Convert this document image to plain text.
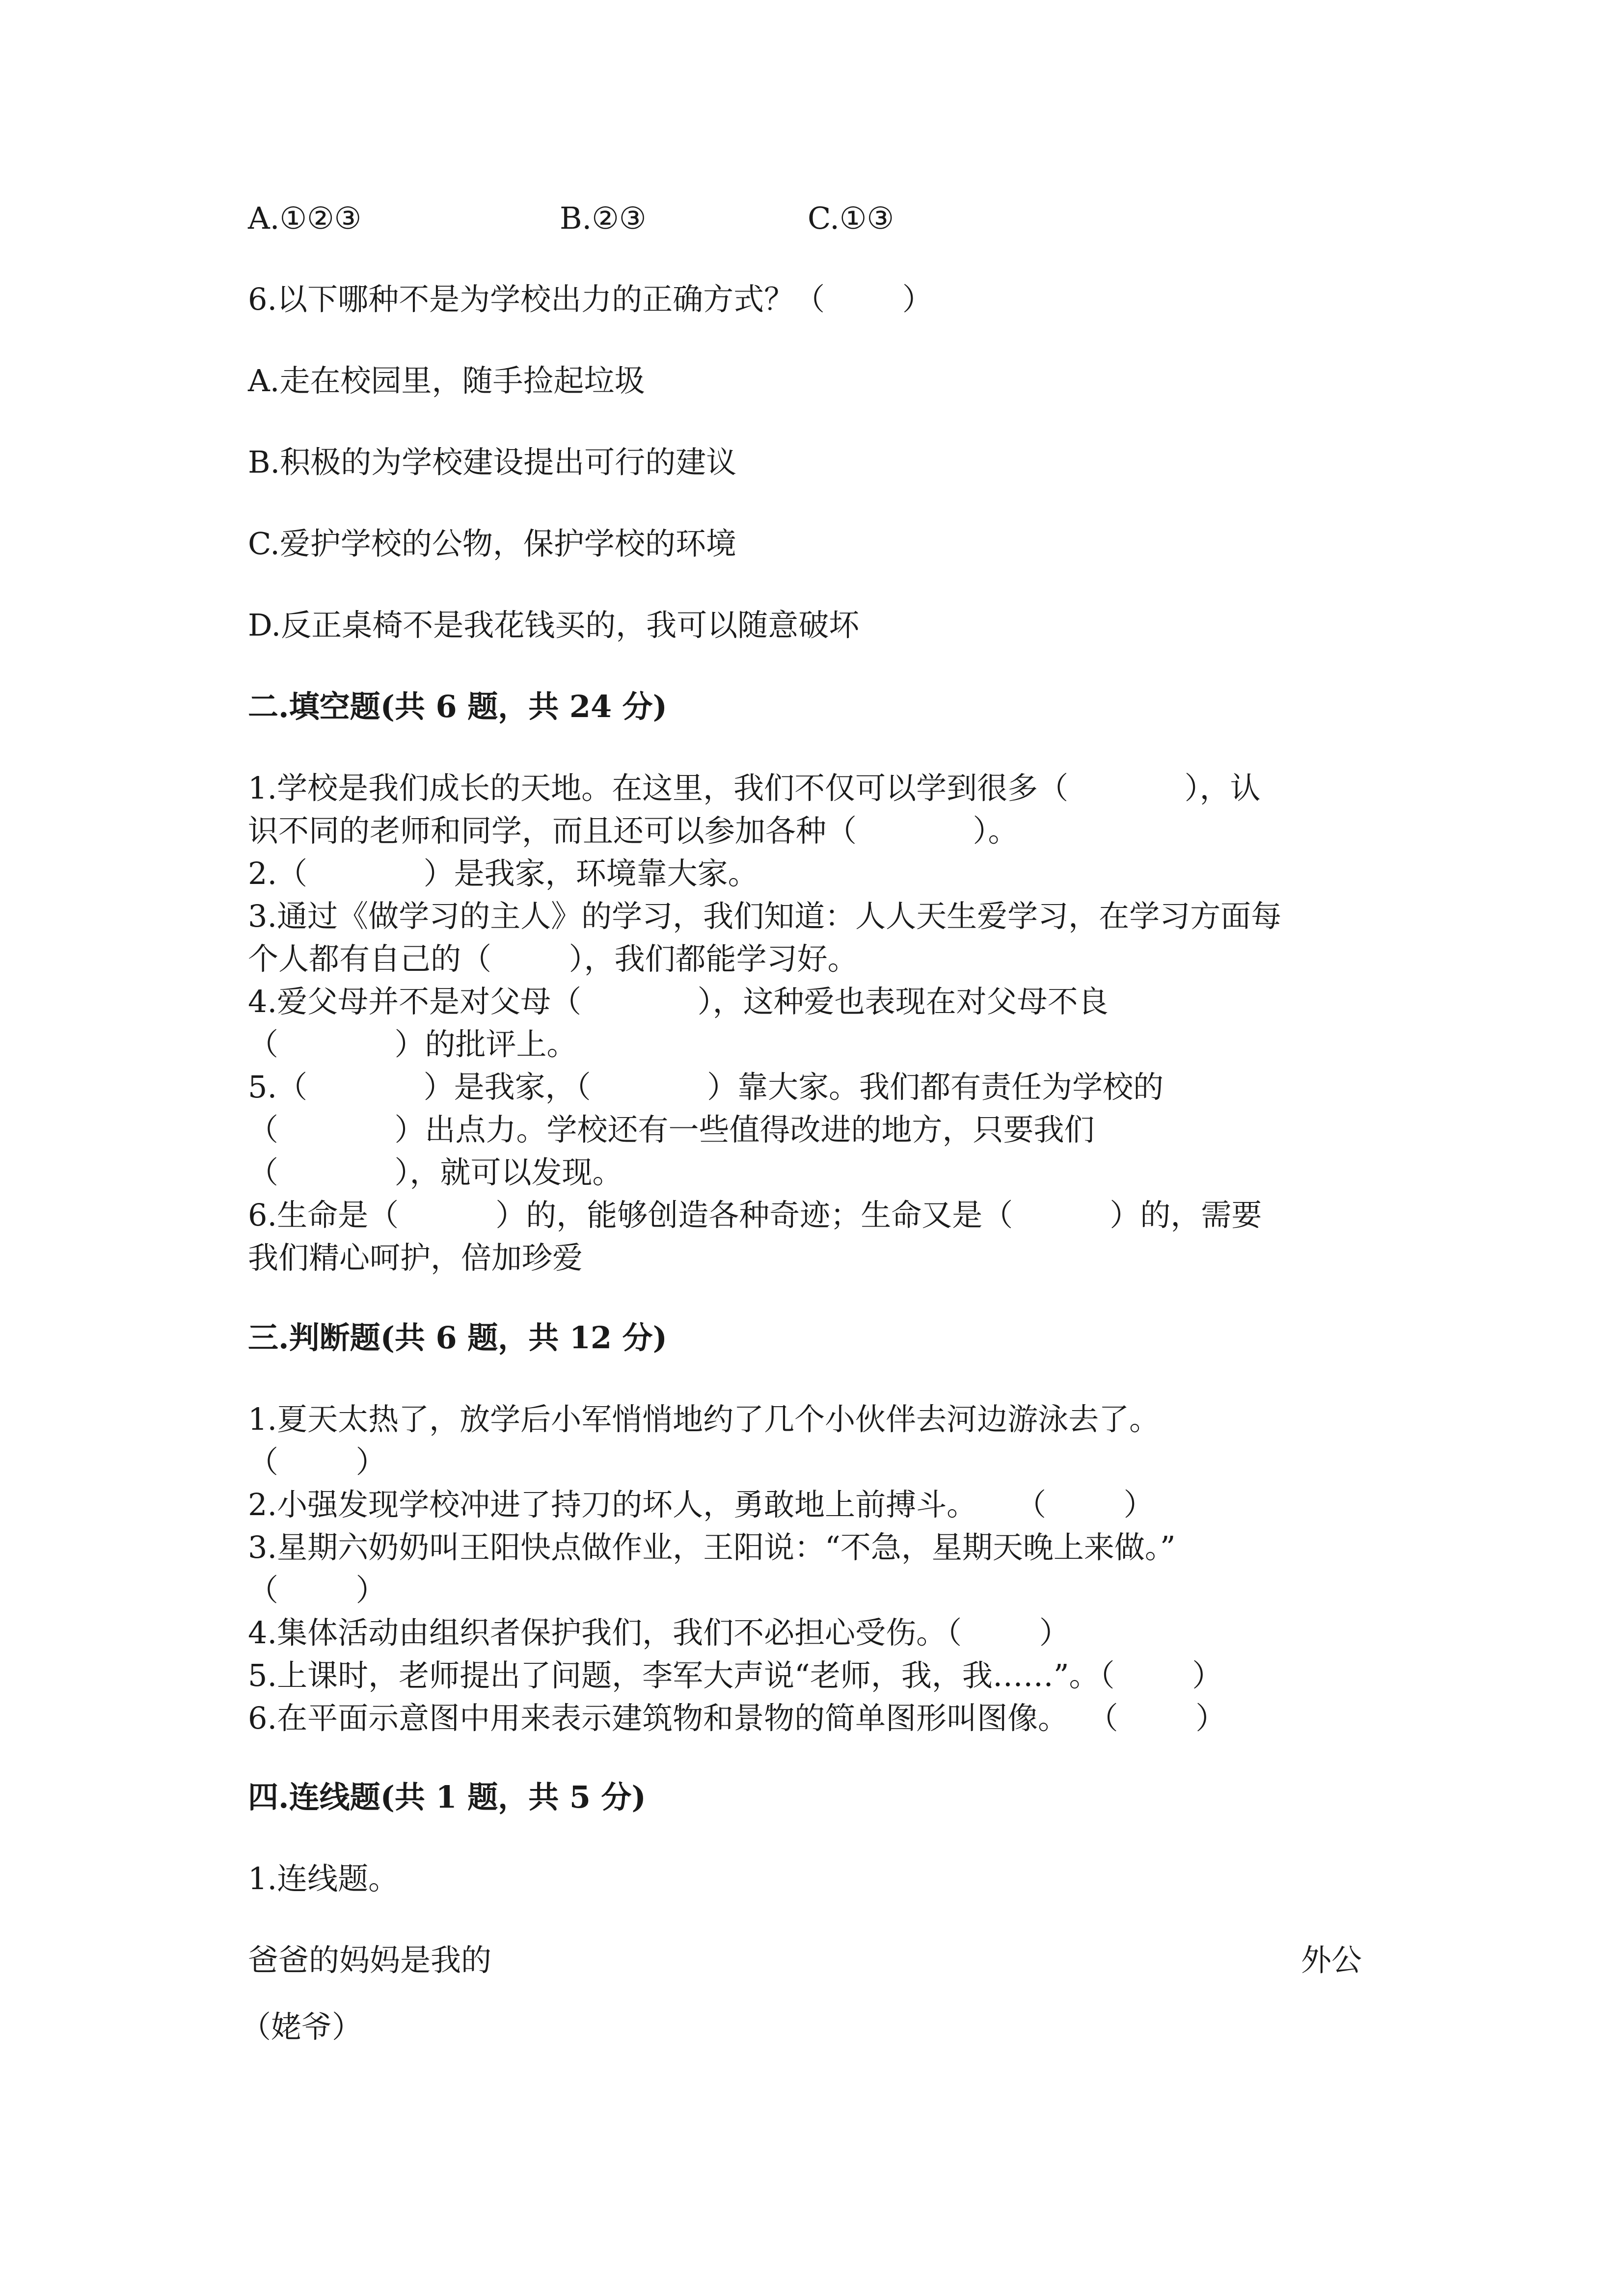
A.①②③	B.②③	C.①③
6.以下哪种不是为学校出力的正确方式？（        ）
A.走在校园里，随手捡起垃圾
B.积极的为学校建设提出可行的建议
C.爱护学校的公物，保护学校的环境
D.反正桌椅不是我花钱买的，我可以随意破坏
二.填空题(共 6 题，共 24 分)
1.学校是我们成长的天地。在这里，我们不仅可以学到很多（            ），认
识不同的老师和同学，而且还可以参加各种（            ）。
2.（            ）是我家，环境靠大家。
3.通过《做学习的主人》的学习，我们知道：人人天生爱学习，在学习方面每
个人都有自己的（        ），我们都能学习好。
4.爱父母并不是对父母（            ），这种爱也表现在对父母不良
（            ）的批评上。
5.（            ）是我家，（            ）靠大家。我们都有责任为学校的
（            ）出点力。学校还有一些值得改进的地方，只要我们
（            ），就可以发现。
6.生命是（          ）的，能够创造各种奇迹；生命又是（          ）的，需要
我们精心呵护，倍加珍爱
三.判断题(共 6 题，共 12 分)
1.夏天太热了，放学后小军悄悄地约了几个小伙伴去河边游泳去了。
（        ）
2.小强发现学校冲进了持刀的坏人，勇敢地上前搏斗。    （        ）
3.星期六奶奶叫王阳快点做作业，王阳说：“不急，星期天晚上来做。”
（        ）
4.集体活动由组织者保护我们，我们不必担心受伤。（        ）
5.上课时，老师提出了问题，李军大声说“老师，我，我……”。（        ）
6.在平面示意图中用来表示建筑物和景物的简单图形叫图像。  （        ）
四.连线题(共 1 题，共 5 分)
1.连线题。
爸爸的妈妈是我的	外公
（姥爷）
